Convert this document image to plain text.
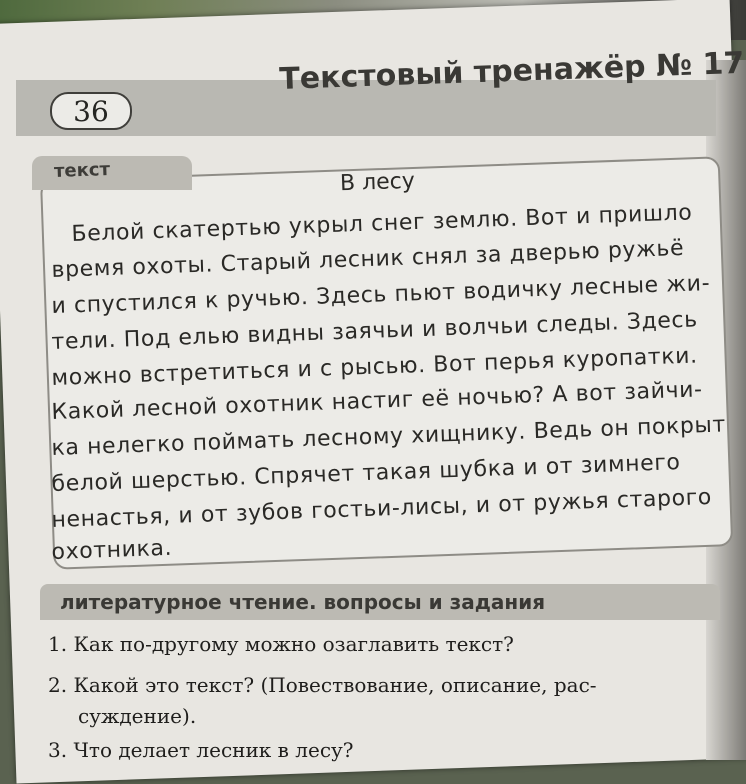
36
Текстовый тренажёр № 17
текст	В лесу
Белой скатертью укрыл снег землю. Вот и пришло
время охоты. Старый лесник снял за дверью ружьё
и спустился к ручью. Здесь пьют водичку лесные жи-
тели. Под елью видны заячьи и волчьи следы. Здесь
можно встретиться и с рысью. Вот перья куропатки.
Какой лесной охотник настиг её ночью? А вот зайчи-
ка нелегко поймать лесному хищнику. Ведь он покрыт
белой шерстью. Спрячет такая шубка и от зимнего
ненастья, и от зубов гостьи-лисы, и от ружья старого
охотника.
литературное чтение. вопросы и задания
1. Как по-другому можно озаглавить текст?
2. Какой это текст? (Повествование, описание, рас-
суждение).
3. Что делает лесник в лесу?
